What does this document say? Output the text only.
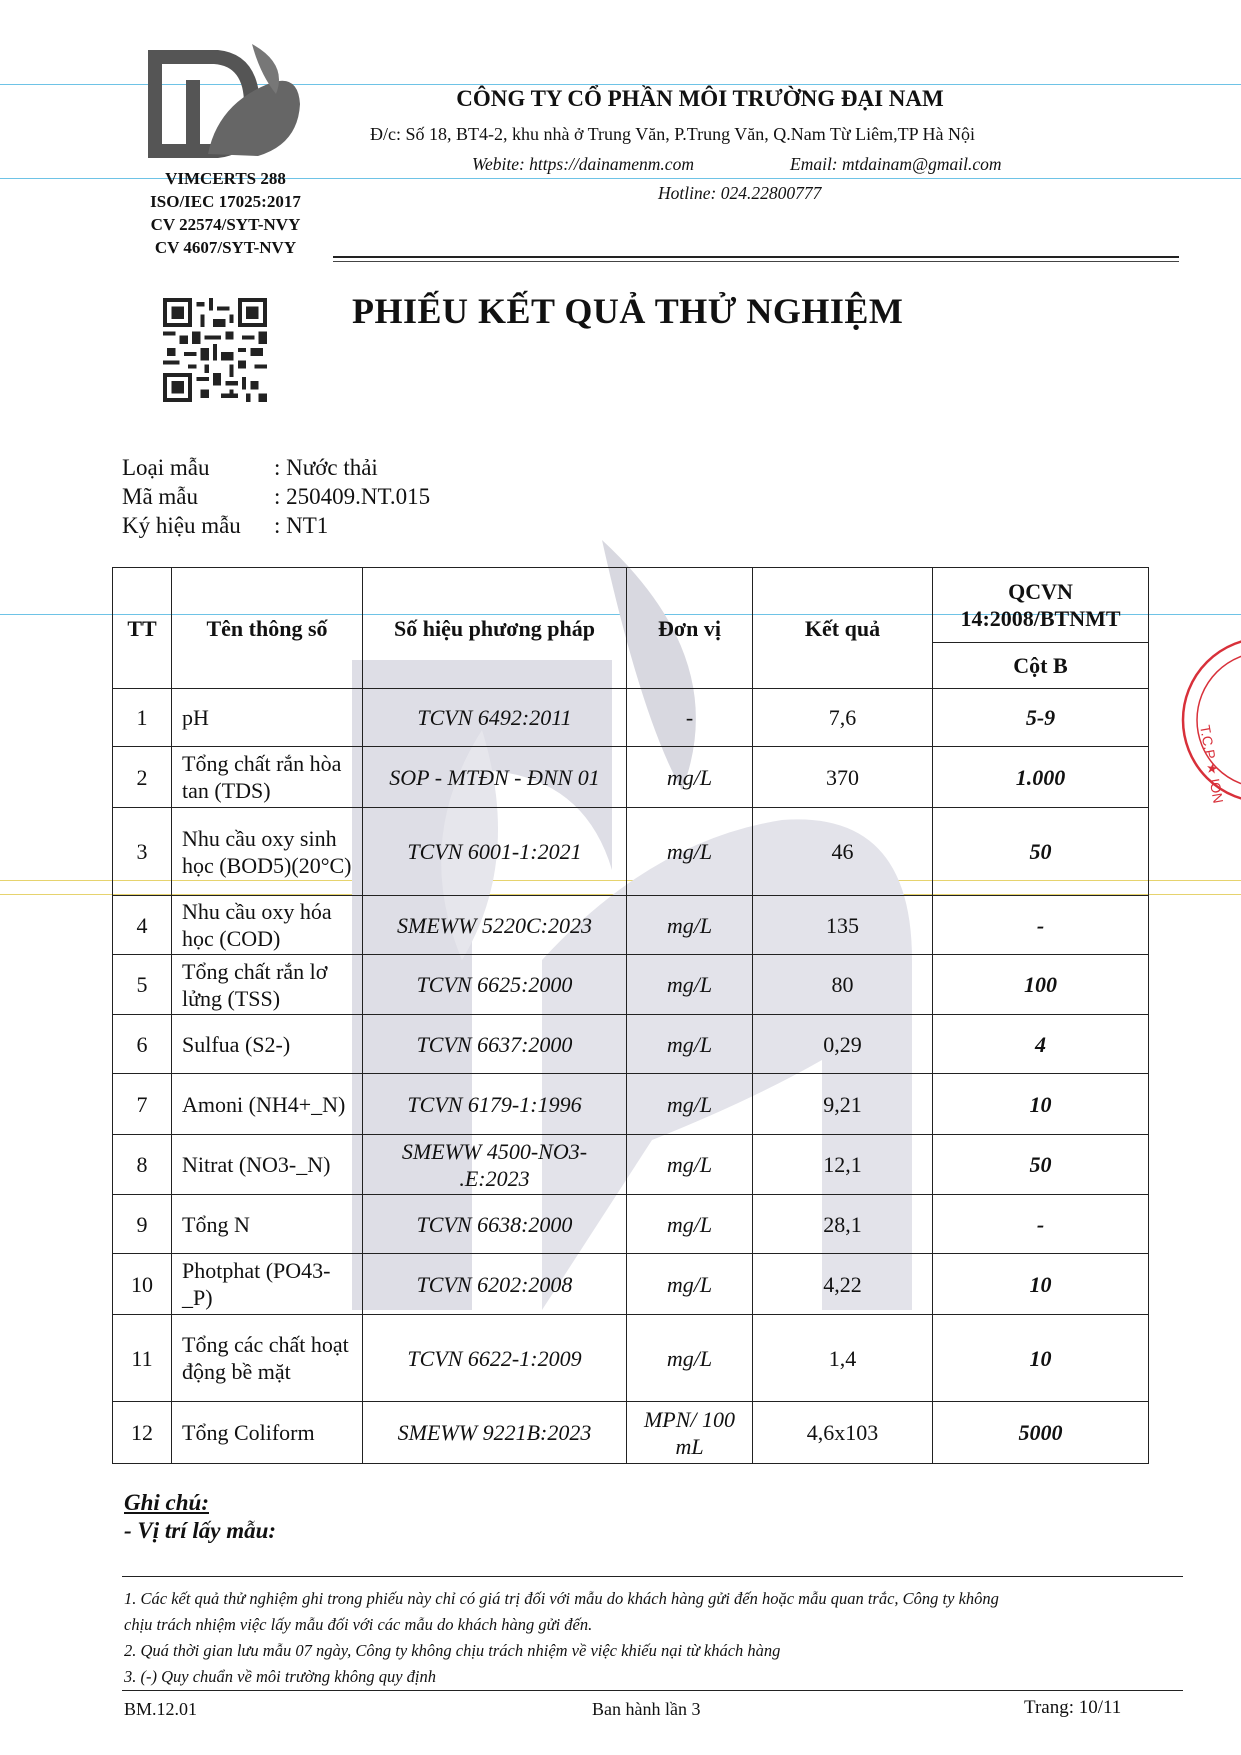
VIMCERTS 288
ISO/IEC 17025:2017
CV 22574/SYT-NVY
CV 4607/SYT-NVY
CÔNG TY CỔ PHẦN MÔI TRƯỜNG ĐẠI NAM
Đ/c: Số 18, BT4-2, khu nhà ở Trung Văn, P.Trung Văn, Q.Nam Từ Liêm,TP Hà Nội
Webite: https://dainamenm.com	Email: mtdainam@gmail.com
Hotline: 024.22800777
PHIẾU KẾT QUẢ THỬ NGHIỆM
Loại mẫu	: Nước thải
Mã mẫu	: 250409.NT.015
Ký hiệu mẫu : NT1
TT	Tên thông số	Số hiệu phương pháp	Đơn vị	Kết quả	QCVN 14:2008/BTNMT
					Cột B
1	pH	TCVN 6492:2011	-	7,6	5-9
2	Tổng chất rắn hòa tan (TDS)	SOP - MTĐN - ĐNN 01	mg/L	370	1.000
3	Nhu cầu oxy sinh học (BOD5)(20°C)	TCVN 6001-1:2021	mg/L	46	50
4	Nhu cầu oxy hóa học (COD)	SMEWW 5220C:2023	mg/L	135	-
5	Tổng chất rắn lơ lửng (TSS)	TCVN 6625:2000	mg/L	80	100
6	Sulfua (S2-)	TCVN 6637:2000	mg/L	0,29	4
7	Amoni (NH4+_N)	TCVN 6179-1:1996	mg/L	9,21	10
8	Nitrat (NO3-_N)	SMEWW 4500-NO3- .E:2023	mg/L	12,1	50
9	Tổng N	TCVN 6638:2000	mg/L	28,1	-
10	Photphat (PO43- _P)	TCVN 6202:2008	mg/L	4,22	10
11	Tổng các chất hoạt động bề mặt	TCVN 6622-1:2009	mg/L	1,4	10
12	Tổng Coliform	SMEWW 9221B:2023	MPN/ 100 mL	4,6x103	5000
Ghi chú:
- Vị trí lấy mẫu:
1. Các kết quả thử nghiệm ghi trong phiếu này chỉ có giá trị đối với mẫu do khách hàng gửi đến hoặc mẫu quan trắc, Công ty không
chịu trách nhiệm việc lấy mẫu đối với các mẫu do khách hàng gửi đến.
2. Quá thời gian lưu mẫu 07 ngày, Công ty không chịu trách nhiệm về việc khiếu nại từ khách hàng
3. (-) Quy chuẩn về môi trường không quy định
BM.12.01	Ban hành lần 3	Trang: 10/11
T.C.P ★ ION
